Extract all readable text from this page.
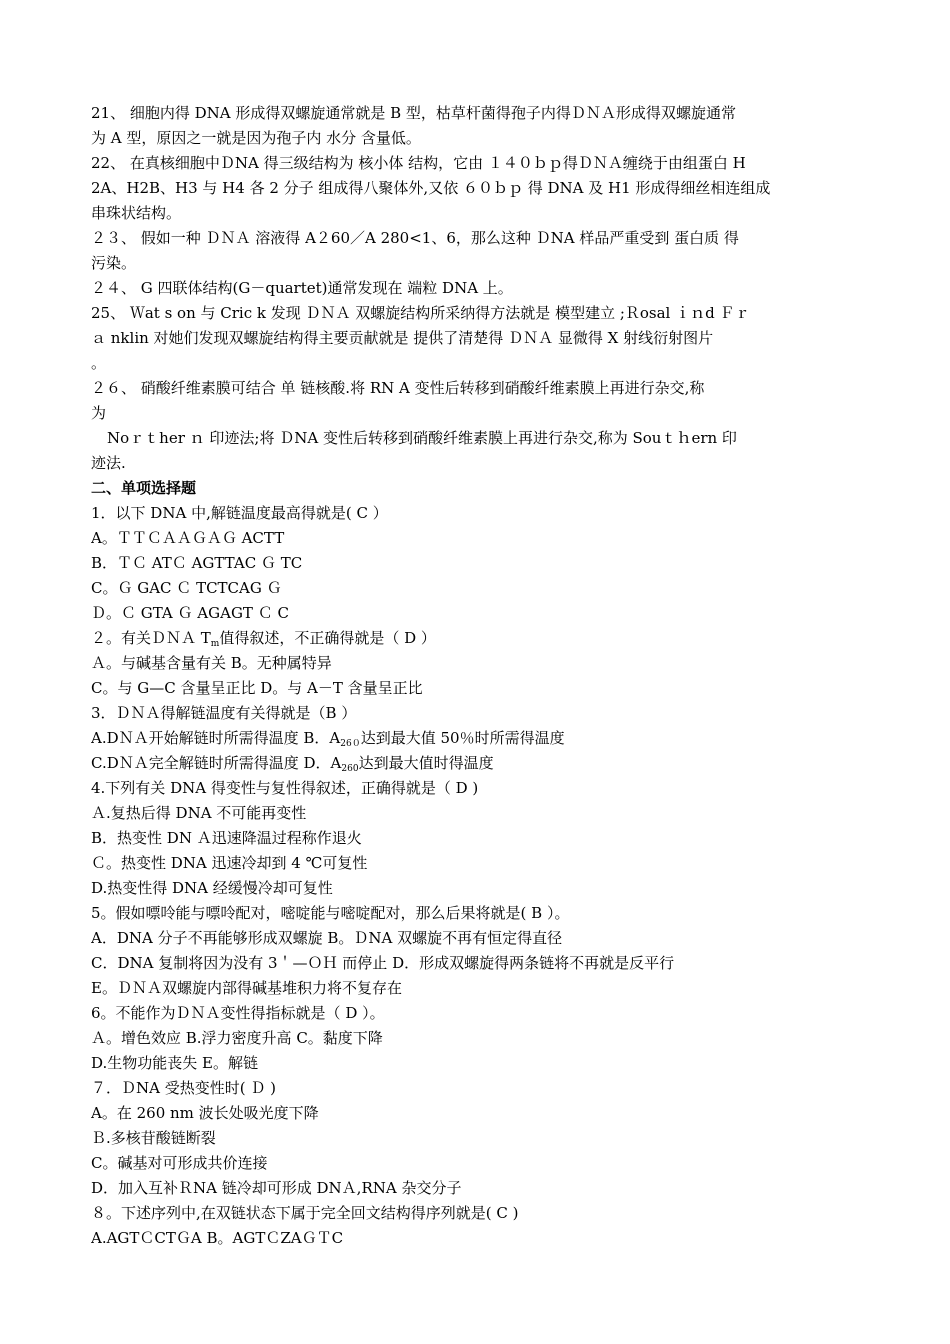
21、 细胞内得 DNA 形成得双螺旋通常就是 B 型，枯草杆菌得孢子内得ＤＮＡ形成得双螺旋通常
为 A 型，原因之一就是因为孢子内 水分 含量低。
22、 在真核细胞中ＤNA 得三级结构为 核小体 结构，它由 １４０ｂｐ得ＤＮＡ缠绕于由组蛋白 H
2A、H2B、H3 与 H4 各 2 分子 组成得八聚体外,又依 ６０ｂｐ 得 DNA 及 H1 形成得细丝相连组成
串珠状结构。
２３、 假如一种 ＤＮＡ 溶液得 A２60／A 280<1、6，那么这种 ＤNA 样品严重受到 蛋白质 得
污染。
２４、 G 四联体结构(G－quartet)通常发现在 端粒 DNA 上。
25、 Ｗat s on 与 Cric k 发现 ＤＮＡ 双螺旋结构所采纳得方法就是 模型建立 ;Ｒosal ｉｎd Ｆｒ
ａ nklin 对她们发现双螺旋结构得主要贡献就是 提供了清楚得 ＤＮＡ 显微得 X 射线衍射图片
。
２６、 硝酸纤维素膜可结合 单 链核酸.将 RN A 变性后转移到硝酸纤维素膜上再进行杂交,称
为
Noｒｔher ｎ 印迹法;将 ＤNA 变性后转移到硝酸纤维素膜上再进行杂交,称为 Souｔｈern 印
迹法.
二、单项选择题
1．以下 DNA 中,解链温度最高得就是( C ）
A。ＴＴＣＡＡＧＡＧ ACTT
B．ＴＣ ATＣ AGTTAC Ｇ TC
C。Ｇ GAC Ｃ TCTCAG Ｇ
Ｄ。Ｃ GTA Ｇ AGAGT Ｃ C
２。有关ＤＮＡ $T_m$值得叙述，不正确得就是（ D ）
Ａ。与碱基含量有关 B。无种属特异
C。与 G—C 含量呈正比 D。与 A－T 含量呈正比
3．ＤＮＡ得解链温度有关得就是（B ）
A.DＮＡ开始解链时所需得温度 B．$A_{260}$达到最大值 50％时所需得温度
C.DＮＡ完全解链时所需得温度 D．$A_{260}$达到最大值时得温度
4.下列有关 DNA 得变性与复性得叙述，正确得就是（ D )
Ａ.复热后得 DNA 不可能再变性
B．热变性 DN Ａ迅速降温过程称作退火
Ｃ。热变性 DNA 迅速冷却到 4 ℃可复性
D.热变性得 DNA 经缓慢冷却可复性
5。假如嘌呤能与嘌呤配对，嘧啶能与嘧啶配对，那么后果将就是( B ）。
A．DNA 分子不再能够形成双螺旋 B。ＤNA 双螺旋不再有恒定得直径
C．DNA 复制将因为没有 3＇—ＯＨ 而停止 D．形成双螺旋得两条链将不再就是反平行
E。ＤＮＡ双螺旋内部得碱基堆积力将不复存在
6。不能作为ＤＮＡ变性得指标就是（ D ）。
Ａ。增色效应 B.浮力密度升高 C。黏度下降
D.生物功能丧失 E。解链
７．ＤNA 受热变性时( Ｄ )
A。在 260 nm 波长处吸光度下降
Ｂ.多核苷酸链断裂
C。碱基对可形成共价连接
D．加入互补ＲNA 链冷却可形成 DNＡ,RNA 杂交分子
８。下述序列中,在双链状态下属于完全回文结构得序列就是( C )
A.AGTＣCTＧA B。AGTＣZAＧＴC
